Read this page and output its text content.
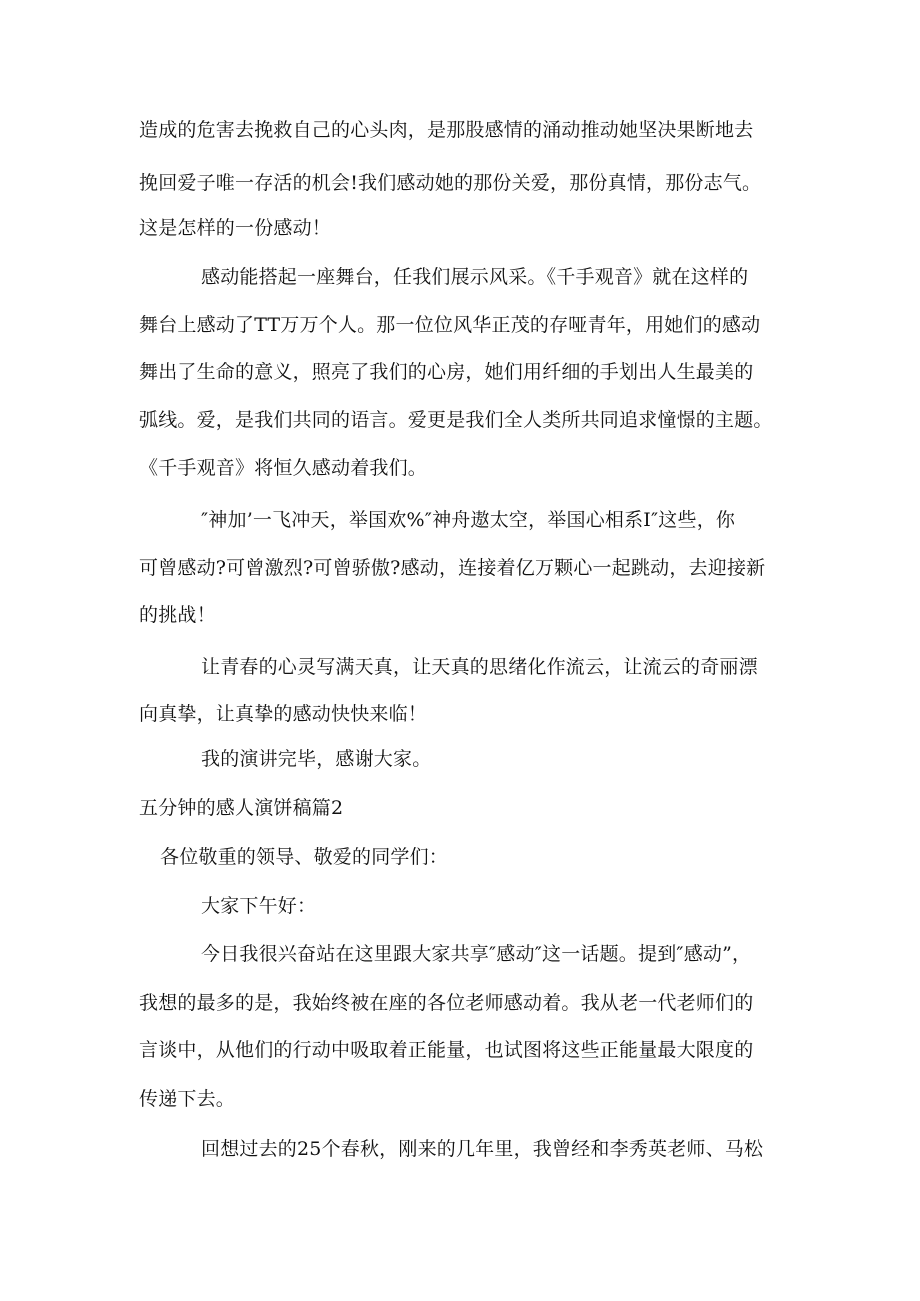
造成的危害去挽救自己的心头肉，是那股感情的涌动推动她坚决果断地去
挽回爱子唯一存活的机会!我们感动她的那份关爱，那份真情，那份志气。
这是怎样的一份感动！
感动能搭起一座舞台，任我们展示风采。《千手观音》就在这样的
舞台上感动了TT万万个人。那一位位风华正茂的存哑青年，用她们的感动
舞出了生命的意义，照亮了我们的心房，她们用纤细的手划出人生最美的
弧线。爱，是我们共同的语言。爱更是我们全人类所共同追求憧憬的主题。
《千手观音》将恒久感动着我们。
″神加’一飞冲天，举国欢%″神舟遨太空，举国心相系I″这些，你
可曾感动?可曾激烈?可曾骄傲?感动，连接着亿万颗心一起跳动，去迎接新
的挑战！
让青春的心灵写满天真，让天真的思绪化作流云，让流云的奇丽漂
向真挚，让真挚的感动快快来临！
我的演讲完毕，感谢大家。
五分钟的感人演饼稿篇2
各位敬重的领导、敬爱的同学们：
大家下午好：
今日我很兴奋站在这里跟大家共享″感动″这一话题。提到″感动”，
我想的最多的是，我始终被在座的各位老师感动着。我从老一代老师们的
言谈中，从他们的行动中吸取着正能量，也试图将这些正能量最大限度的
传递下去。
回想过去的25个春秋，刚来的几年里，我曾经和李秀英老师、马松
